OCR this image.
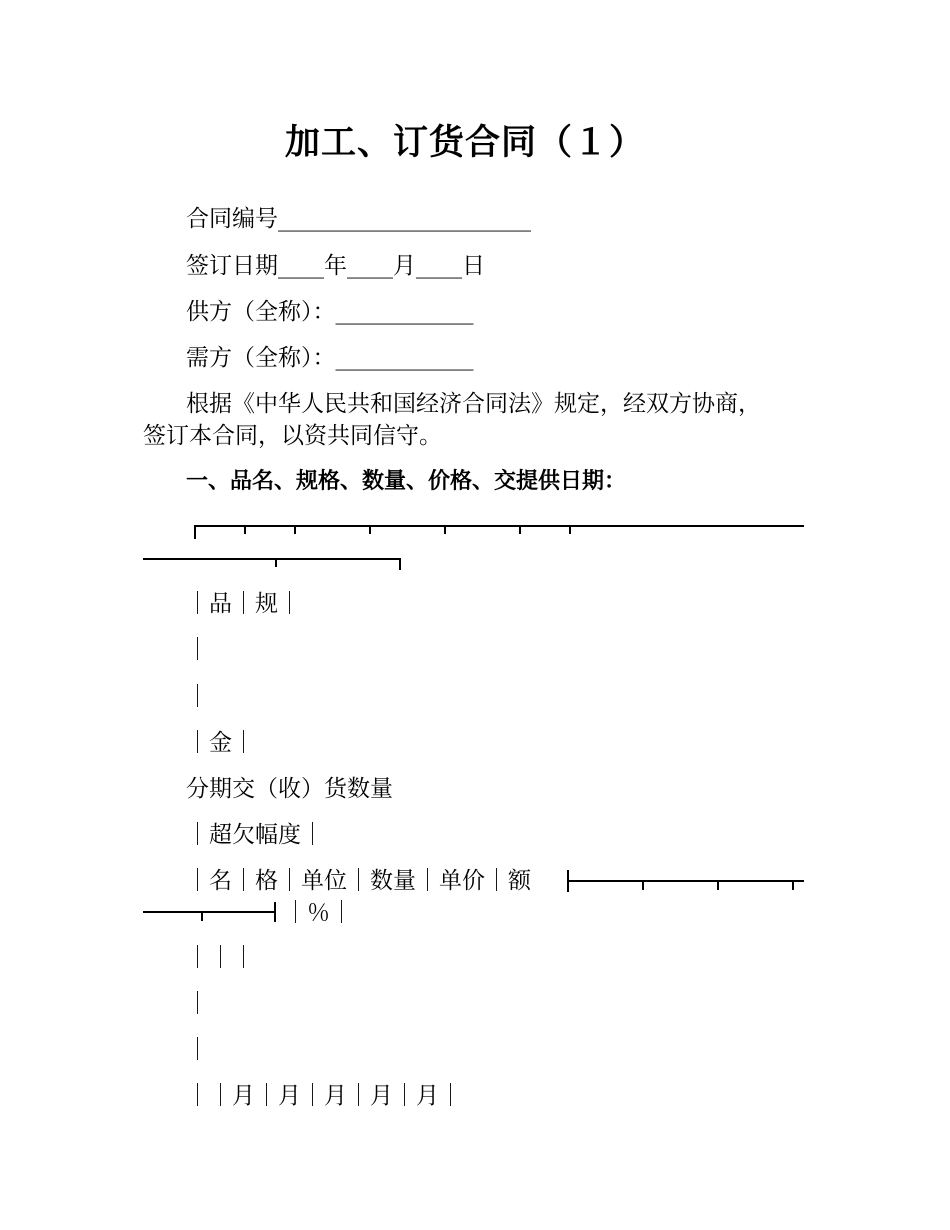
加工、订货合同（１）
合同编号______________________
签订日期____年____月____日
供方（全称）：____________
需方（全称）：____________
根据《中华人民共和国经济合同法》规定，经双方协商，
签订本合同，以资共同信守。
一、品名、规格、数量、价格、交提供日期：
｜品｜规｜
｜
｜
｜金｜
分期交（收）货数量
｜超欠幅度｜
｜名｜格｜单位｜数量｜单价｜额
｜％｜
｜｜｜
｜
｜
｜｜月｜月｜月｜月｜月｜
